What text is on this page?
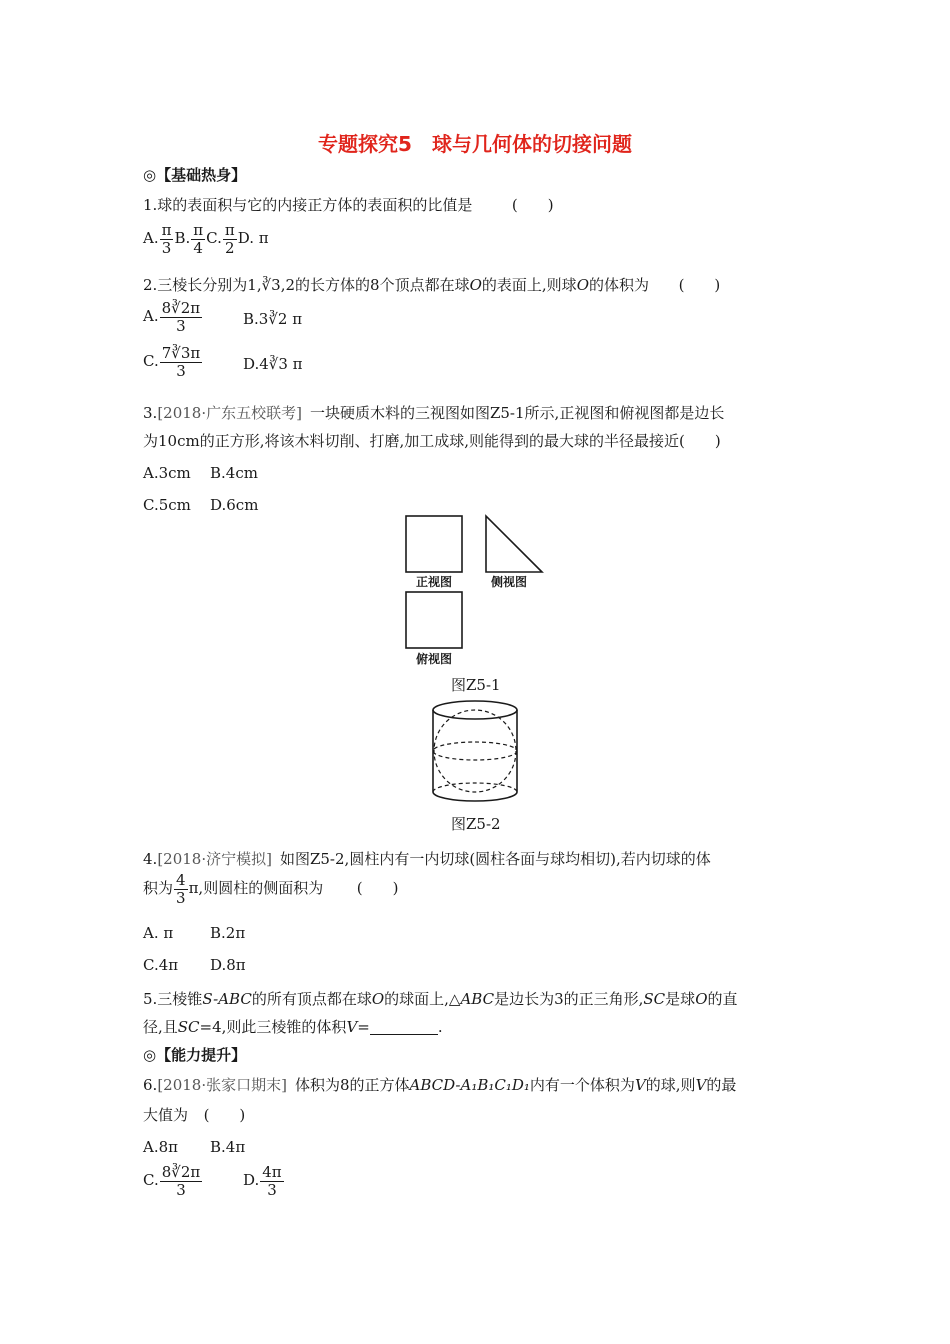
专题探究5　球与几何体的切接问题
◎【基础热身】
1.球的表面积与它的内接正方体的表面积的比值是	(　　)
A. $\frac{\pi}{3} B$. $\frac{\pi}{4} C$. $\frac{\pi}{2} D$. π
2.三棱长分别为1,∛3,2的长方体的8个顶点都在球O的表面上,则球O的体积为 (　　)
A. $\frac{8∛2\pi}{3}$	B.3∛2 π
C. $\frac{7∛3\pi}{3}$	D.4∛3 π
3.[2018·广东五校联考] 一块硬质木料的三视图如图Z5-1所示,正视图和俯视图都是边长
为10cm的正方形,将该木料切削、打磨,加工成球,则能得到的最大球的半径最接近(　　)
A.3cm B.4cm
C.5cm D.6cm
正视图	侧视图
俯视图
图Z5-1
图Z5-2
4.[2018·济宁模拟] 如图Z5-2,圆柱内有一内切球(圆柱各面与球均相切),若内切球的体
积为 $\frac{4}{3} \pi$,则圆柱的侧面积为 (　　)
A. π B.2π
C.4π D.8π
5.三棱锥S-ABC的所有顶点都在球O的球面上,△ABC是边长为3的正三角形,SC是球O的直
径,且SC=4,则此三棱锥的体积V=	.
◎【能力提升】
6.[2018·张家口期末] 体积为8的正方体ABCD-A₁B₁C₁D₁内有一个体积为V的球,则V的最
大值为 (　　)
A.8π B.4π
C. $\frac{8∛2\pi}{3}$	D. $\frac{4\pi}{3}$
